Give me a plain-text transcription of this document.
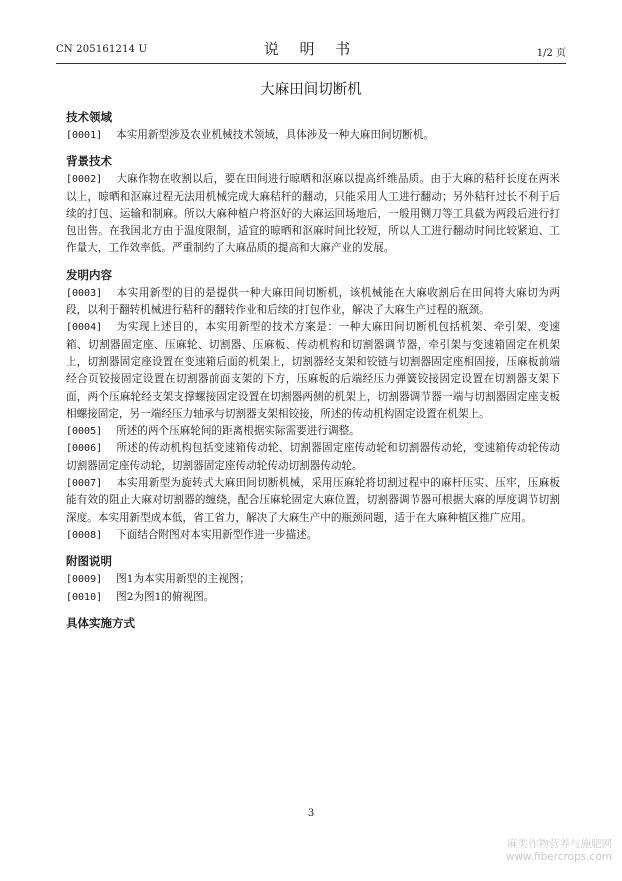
CN 205161214 U	说 明 书	1/2 页
大麻田间切断机
技术领域

[0001] 本实用新型涉及农业机械技术领域，具体涉及一种大麻田间切断机。

背景技术

[0002] 大麻作物在收割以后，要在田间进行晾晒和沤麻以提高纤维品质。由于大麻的秸秆长度在两米以上，晾晒和沤麻过程无法用机械完成大麻秸秆的翻动，只能采用人工进行翻动；另外秸秆过长不利于后续的打包、运输和制麻。所以大麻种植户将沤好的大麻运回场地后，一般用铡刀等工具截为两段后进行打包出售。在我国北方由于温度限制，适宜的晾晒和沤麻时间比较短，所以人工进行翻动时间比较紧迫、工作量大，工作效率低。严重制约了大麻品质的提高和大麻产业的发展。

发明内容

[0003] 本实用新型的目的是提供一种大麻田间切断机，该机械能在大麻收割后在田间将大麻切为两段，以利于翻转机械进行秸秆的翻转作业和后续的打包作业，解决了大麻生产过程的瓶颈。

[0004] 为实现上述目的，本实用新型的技术方案是：一种大麻田间切断机包括机架、牵引架、变速箱、切割器固定座、压麻轮、切割器、压麻板、传动机构和切割器调节器，牵引架与变速箱固定在机架上，切割器固定座设置在变速箱后面的机架上，切割器经支架和铰链与切割器固定座相固接，压麻板前端经合页铰接固定设置在切割器前面支架的下方，压麻板的后端经压力弹簧铰接固定设置在切割器支架下面，两个压麻轮经支架支撑螺接固定设置在切割器两侧的机架上，切割器调节器一端与切割器固定座支板相螺接固定，另一端经压力轴承与切割器支架相铰接，所述的传动机构固定设置在机架上。

[0005] 所述的两个压麻轮间的距离根据实际需要进行调整。

[0006] 所述的传动机构包括变速箱传动轮、切割器固定座传动轮和切割器传动轮，变速箱传动轮传动切割器固定座传动轮，切割器固定座传动轮传动切割器传动轮。

[0007] 本实用新型为旋转式大麻田间切断机械，采用压麻轮将切割过程中的麻杆压实、压牢，压麻板能有效的阻止大麻对切割器的缠绕，配合压麻轮固定大麻位置，切割器调节器可根据大麻的厚度调节切割深度。本实用新型成本低，省工省力，解决了大麻生产中的瓶颈问题，适于在大麻种植区推广应用。

[0008] 下面结合附图对本实用新型作进一步描述。

附图说明

[0009] 图1为本实用新型的主视图；

[0010] 图2为图1的俯视图。

具体实施方式
3
麻类作物营养与施肥网
www.fibercrops.com
